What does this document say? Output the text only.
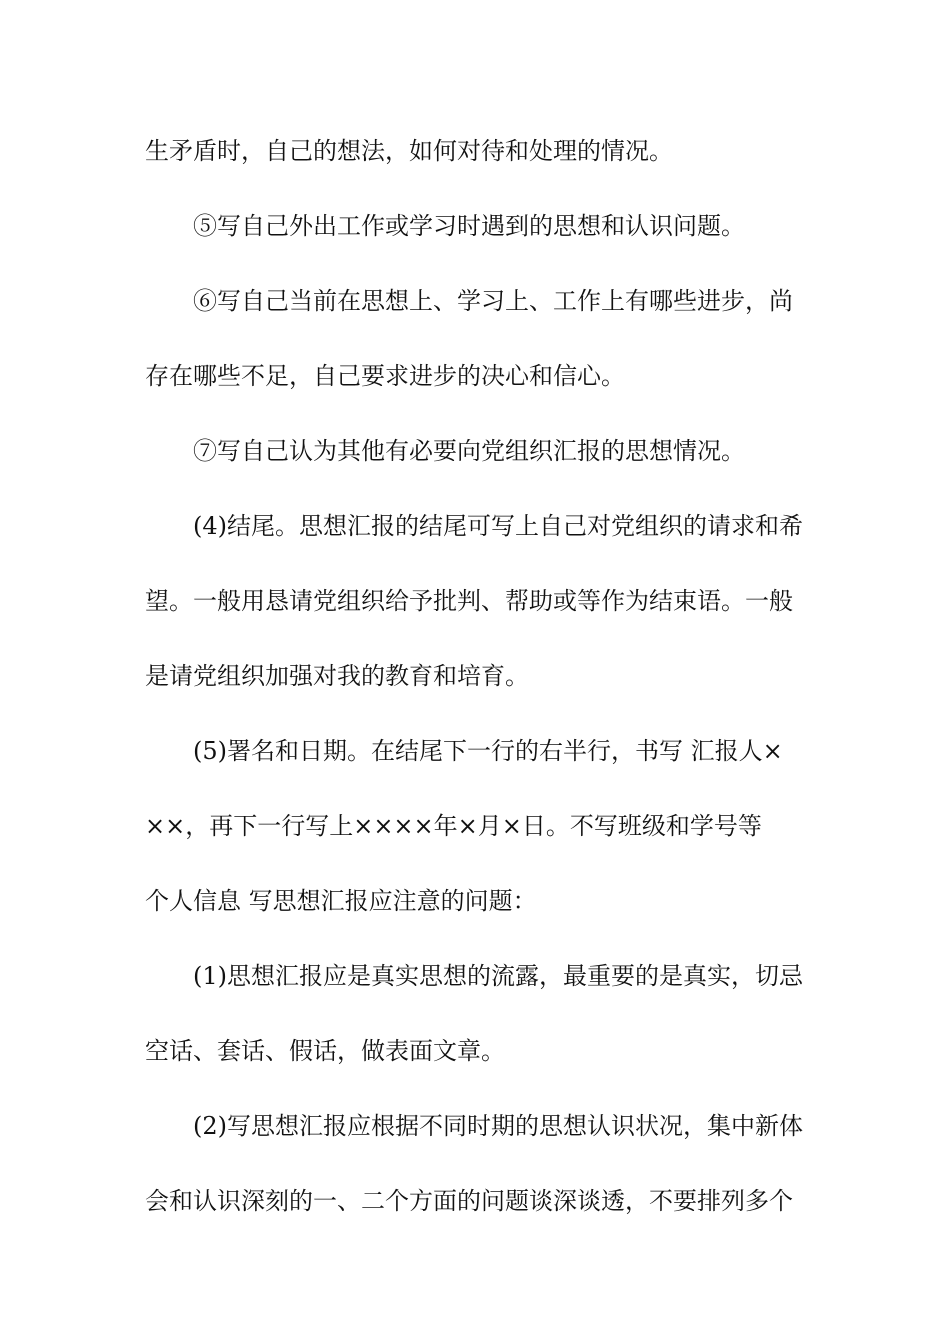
生矛盾时，自己的想法，如何对待和处理的情况。
⑤写自己外出工作或学习时遇到的思想和认识问题。
⑥写自己当前在思想上、学习上、工作上有哪些进步，尚
存在哪些不足，自己要求进步的决心和信心。
⑦写自己认为其他有必要向党组织汇报的思想情况。
(4)结尾。思想汇报的结尾可写上自己对党组织的请求和希
望。一般用恳请党组织给予批判、帮助或等作为结束语。一般
是请党组织加强对我的教育和培育。
(5)署名和日期。在结尾下一行的右半行，书写 汇报人×
××，再下一行写上××××年×月×日。不写班级和学号等
个人信息 写思想汇报应注意的问题：
(1)思想汇报应是真实思想的流露，最重要的是真实，切忌
空话、套话、假话，做表面文章。
(2)写思想汇报应根据不同时期的思想认识状况，集中新体
会和认识深刻的一、二个方面的问题谈深谈透，不要排列多个
